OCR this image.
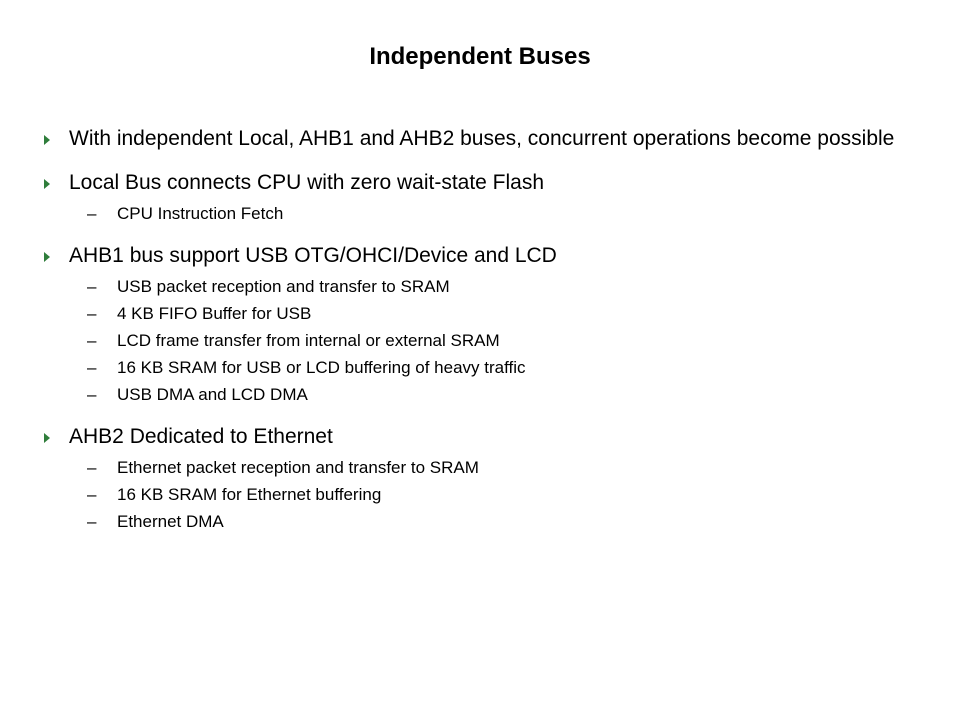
Independent Buses
With independent Local, AHB1 and AHB2 buses, concurrent operations become possible
Local Bus connects CPU with zero wait-state Flash
– CPU Instruction Fetch
AHB1 bus support USB OTG/OHCI/Device and LCD
– USB packet reception and transfer to SRAM
– 4 KB FIFO Buffer for USB
– LCD frame transfer from internal or external SRAM
– 16 KB SRAM for USB or LCD buffering of heavy traffic
– USB DMA and LCD DMA
AHB2 Dedicated to Ethernet
– Ethernet packet reception and transfer to SRAM
– 16 KB SRAM for Ethernet buffering
– Ethernet DMA
